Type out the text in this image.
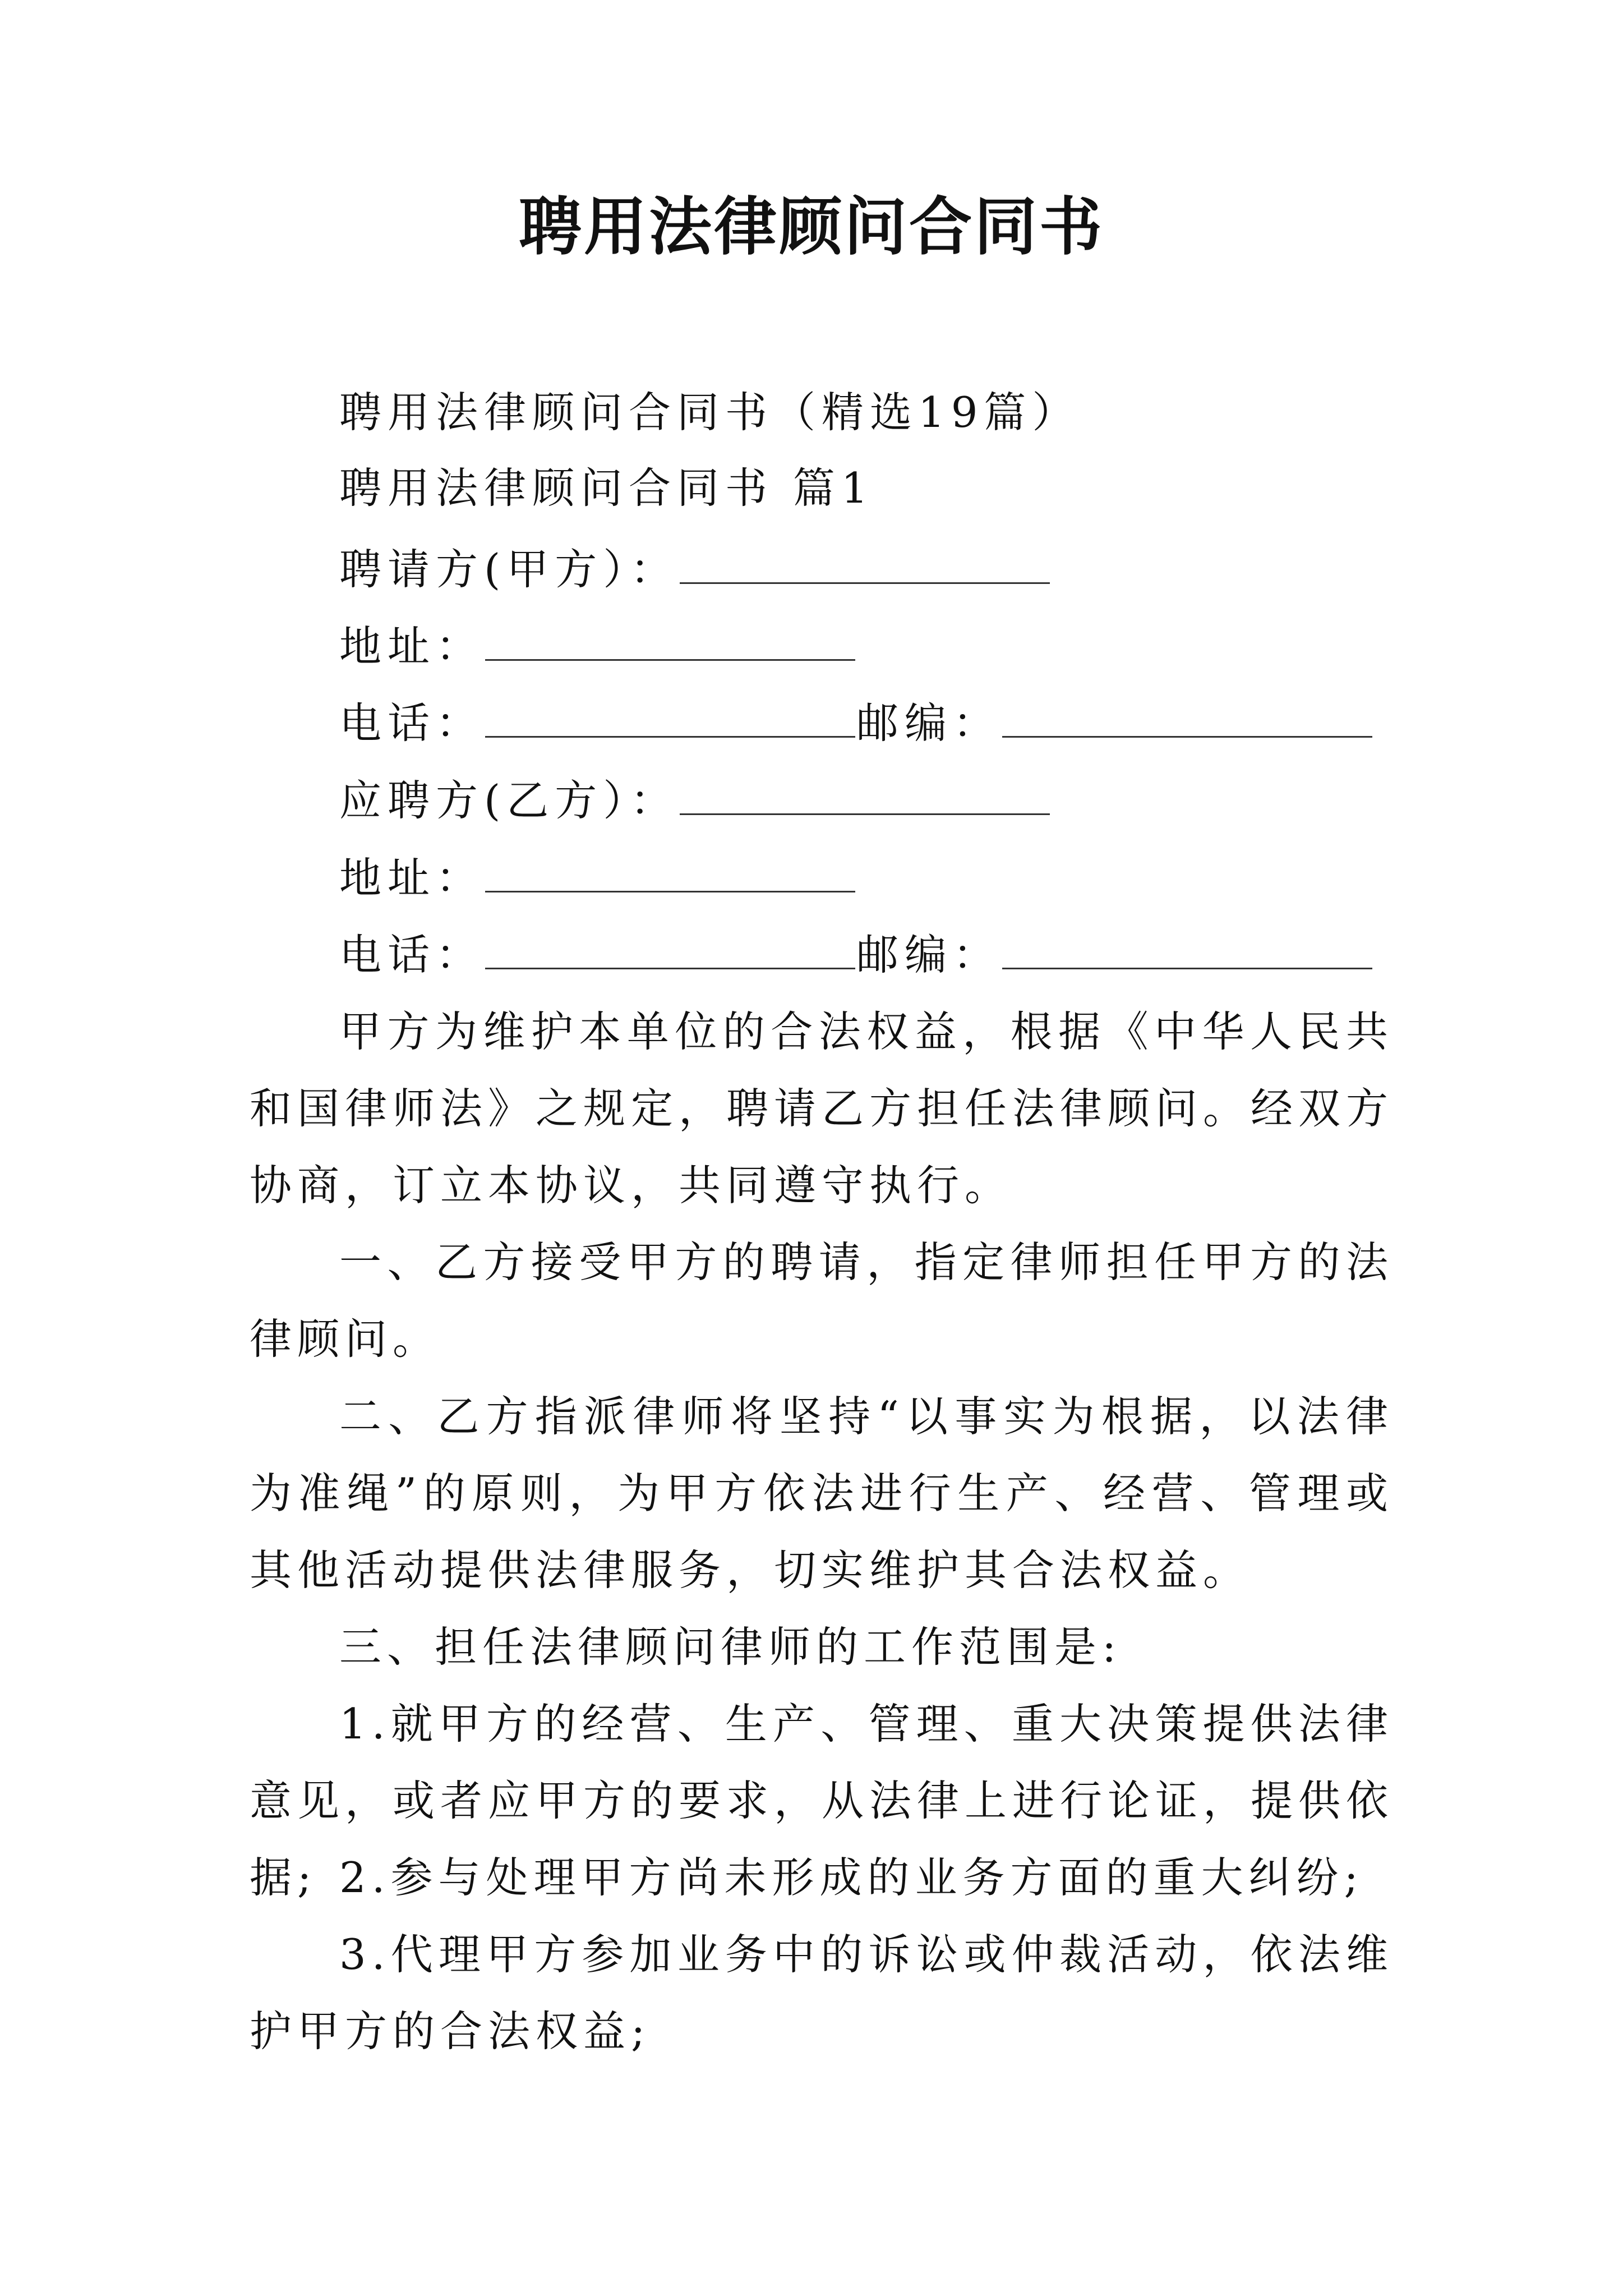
聘用法律顾问合同书
聘用法律顾问合同书（精选19篇）
聘用法律顾问合同书 篇1
聘请方(甲方）：
地址：
电话：	邮编：
应聘方(乙方）：
地址：
电话：	邮编：
甲方为维护本单位的合法权益，根据《中华人民共和国律师法》之规定，聘请乙方担任法律顾问。经双方协商，订立本协议，共同遵守执行。
一、乙方接受甲方的聘请，指定律师担任甲方的法律顾问。
二、乙方指派律师将坚持“以事实为根据，以法律为准绳”的原则，为甲方依法进行生产、经营、管理或其他活动提供法律服务，切实维护其合法权益。
三、担任法律顾问律师的工作范围是:
1.就甲方的经营、生产、管理、重大决策提供法律意见，或者应甲方的要求，从法律上进行论证，提供依据; 2.参与处理甲方尚未形成的业务方面的重大纠纷;
3.代理甲方参加业务中的诉讼或仲裁活动，依法维护甲方的合法权益;
